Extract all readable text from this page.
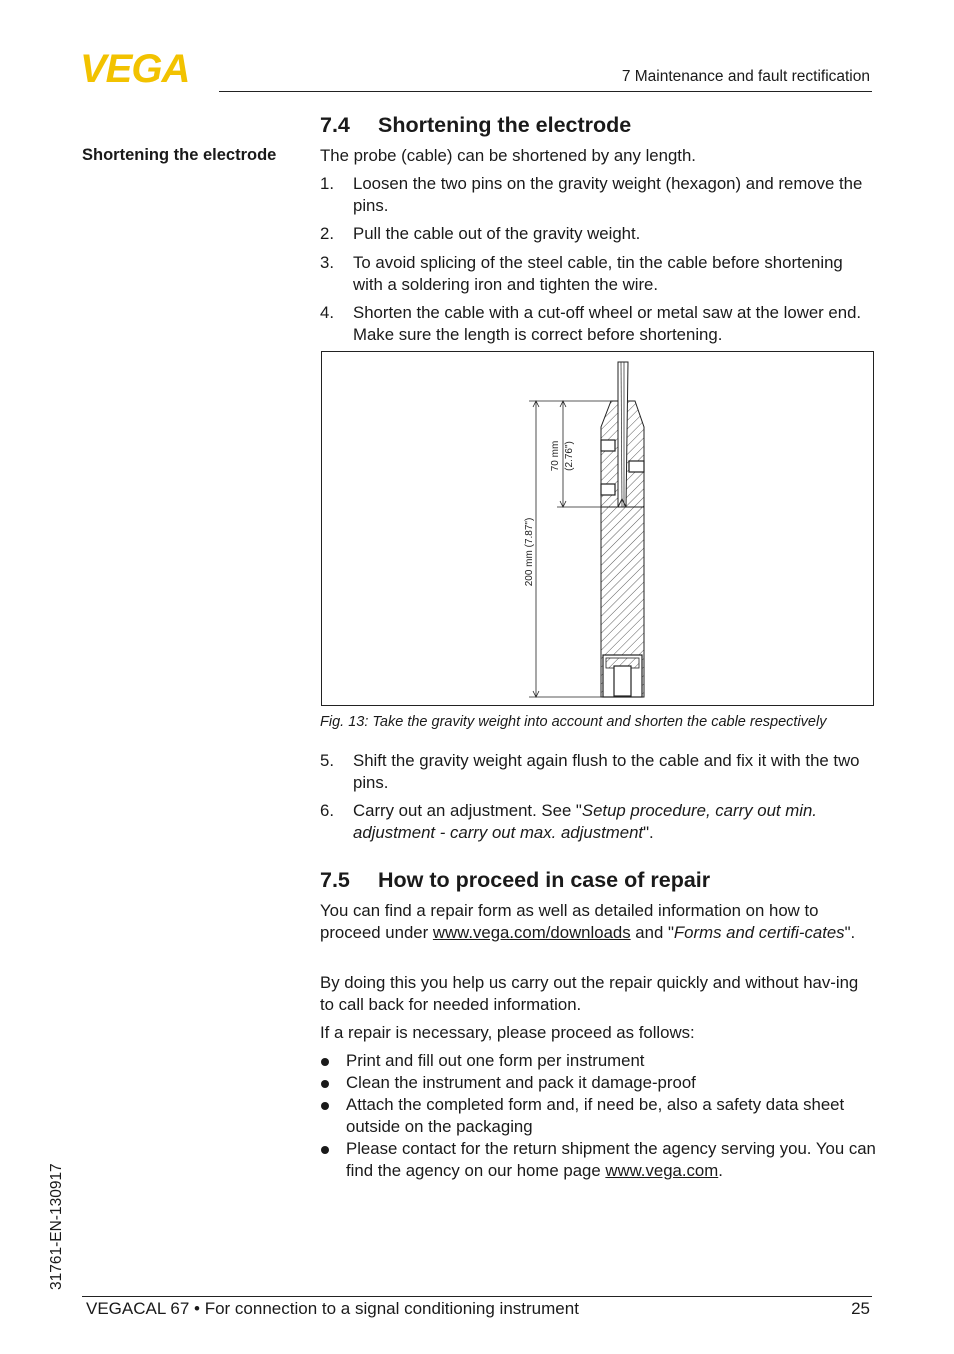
VEGA	7 Maintenance and fault rectification
7.4 Shortening the electrode
Shortening the electrode	The probe (cable) can be shortened by any length.
1. Loosen the two pins on the gravity weight (hexagon) and remove the pins.
2. Pull the cable out of the gravity weight.
3. To avoid splicing of the steel cable, tin the cable before shortening with a soldering iron and tighten the wire.
4. Shorten the cable with a cut-off wheel or metal saw at the lower end. Make sure the length is correct before shortening.
70 mm (2.76")
200 mm (7.87")
Fig. 13: Take the gravity weight into account and shorten the cable respectively
5. Shift the gravity weight again flush to the cable and fix it with the two pins.
6. Carry out an adjustment. See "Setup procedure, carry out min. adjustment - carry out max. adjustment".
7.5 How to proceed in case of repair
You can find a repair form as well as detailed information on how to proceed under www.vega.com/downloads and "Forms and certifi-cates".
By doing this you help us carry out the repair quickly and without hav-ing to call back for needed information.
If a repair is necessary, please proceed as follows:
Print and fill out one form per instrument
Clean the instrument and pack it damage-proof
Attach the completed form and, if need be, also a safety data sheet outside on the packaging
Please contact for the return shipment the agency serving you. You can find the agency on our home page www.vega.com.
31761-EN-130917
VEGACAL 67 • For connection to a signal conditioning instrument	25
